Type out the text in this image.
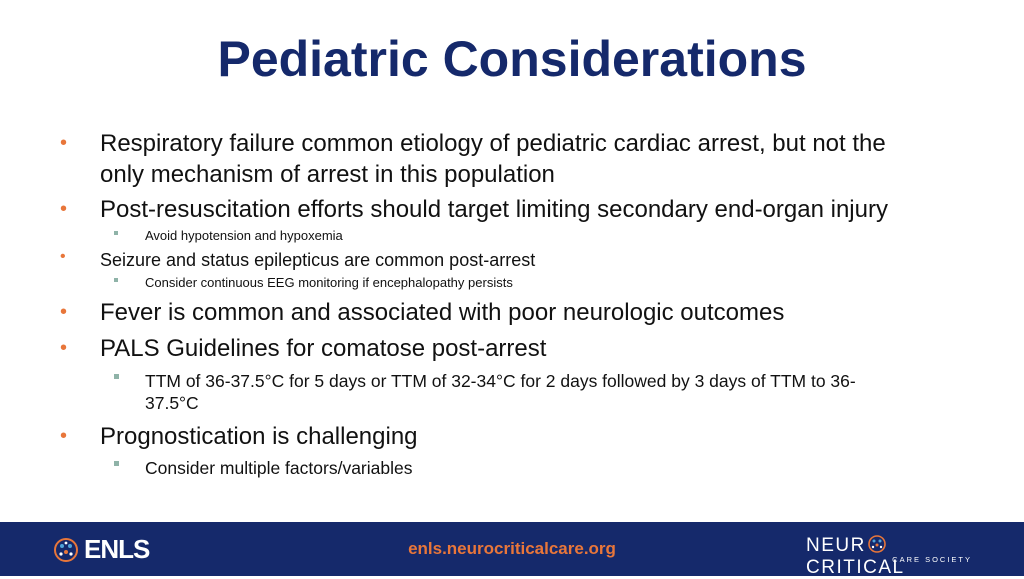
Pediatric Considerations
• Respiratory failure common etiology of pediatric cardiac arrest, but not the
only mechanism of arrest in this population
• Post-resuscitation efforts should target limiting secondary end-organ injury
Avoid hypotension and hypoxemia
• Seizure and status epilepticus are common post-arrest
Consider continuous EEG monitoring if encephalopathy persists
• Fever is common and associated with poor neurologic outcomes
• PALS Guidelines for comatose post-arrest
TTM of 36-37.5°C for 5 days or TTM of 32-34°C for 2 days followed by 3 days of TTM to 36-
37.5°C
• Prognostication is challenging
Consider multiple factors/variables
ENLS	enls.neurocriticalcare.org	NEURCRITICAL
CARE SOCIETY
